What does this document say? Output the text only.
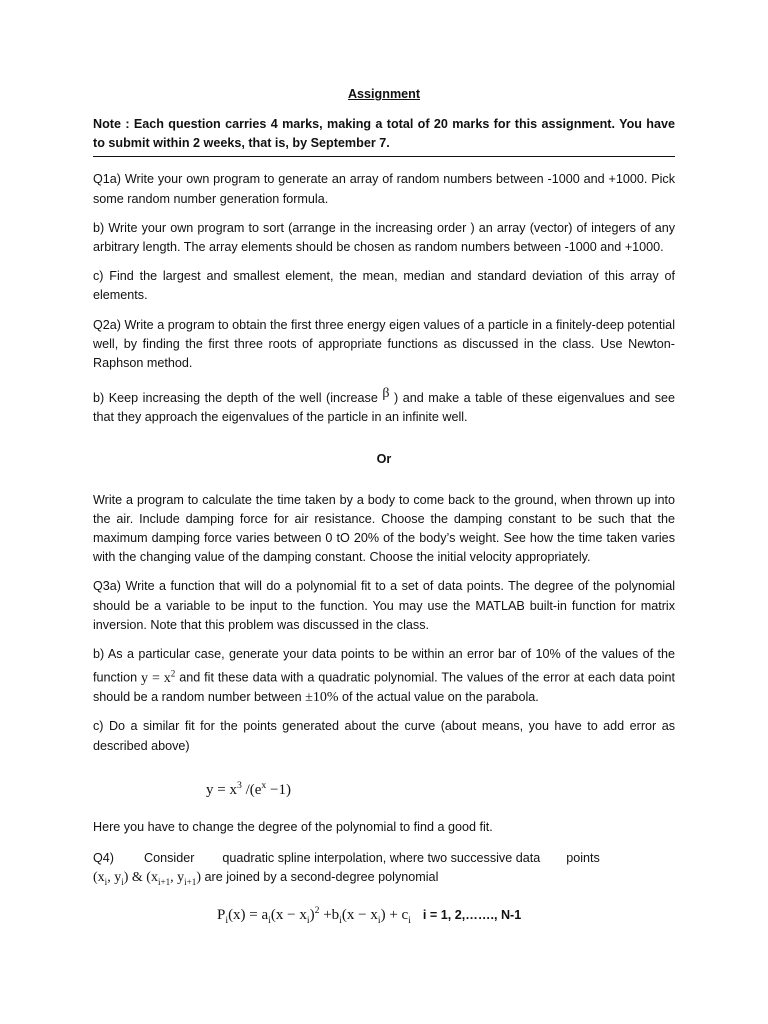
Assignment

Note : Each question carries 4 marks, making a total of 20 marks for this assignment. You have to submit within 2 weeks, that is, by September 7.

Q1a) Write your own program to generate an array of random numbers between -1000 and +1000. Pick some random number generation formula.

b) Write your own program to sort (arrange in the increasing order ) an array (vector) of integers of any arbitrary length. The array elements should be chosen as random numbers between -1000 and +1000.

c) Find the largest and smallest element, the mean, median and standard deviation of this array of elements.

Q2a) Write a program to obtain the first three energy eigen values of a particle in a finitely-deep potential well, by finding the first three roots of appropriate functions as discussed in the class. Use Newton-Raphson method.

b) Keep increasing the depth of the well (increase β ) and make a table of these eigenvalues and see that they approach the eigenvalues of the particle in an infinite well.

Or

Write a program to calculate the time taken by a body to come back to the ground, when thrown up into the air. Include damping force for air resistance. Choose the damping constant to be such that the maximum damping force varies between 0 tO 20% of the body’s weight. See how the time taken varies with the changing value of the damping constant. Choose the initial velocity appropriately.

Q3a) Write a function that will do a polynomial fit to a set of data points. The degree of the polynomial should be a variable to be input to the function. You may use the MATLAB built-in function for matrix inversion. Note that this problem was discussed in the class.

b) As a particular case, generate your data points to be within an error bar of 10% of the values of the function $y = x^2$ and fit these data with a quadratic polynomial. The values of the error at each data point should be a random number between ±10% of the actual value on the parabola.

c) Do a similar fit for the points generated about the curve (about means, you have to add error as described above)

$y = x^3$ $/(e^x -1)$

Here you have to change the degree of the polynomial to find a good fit.

Q4) Consider quadratic spline interpolation, where two successive data points
($x_i$, $y_i$) & ($x_{i+1}$, $y_{i+1}$) are joined by a second-degree polynomial

$P_i(x) = a_i(x - x_i)^2 +b_i(x - x_i) + c_i$ i = 1, 2,……., N-1
